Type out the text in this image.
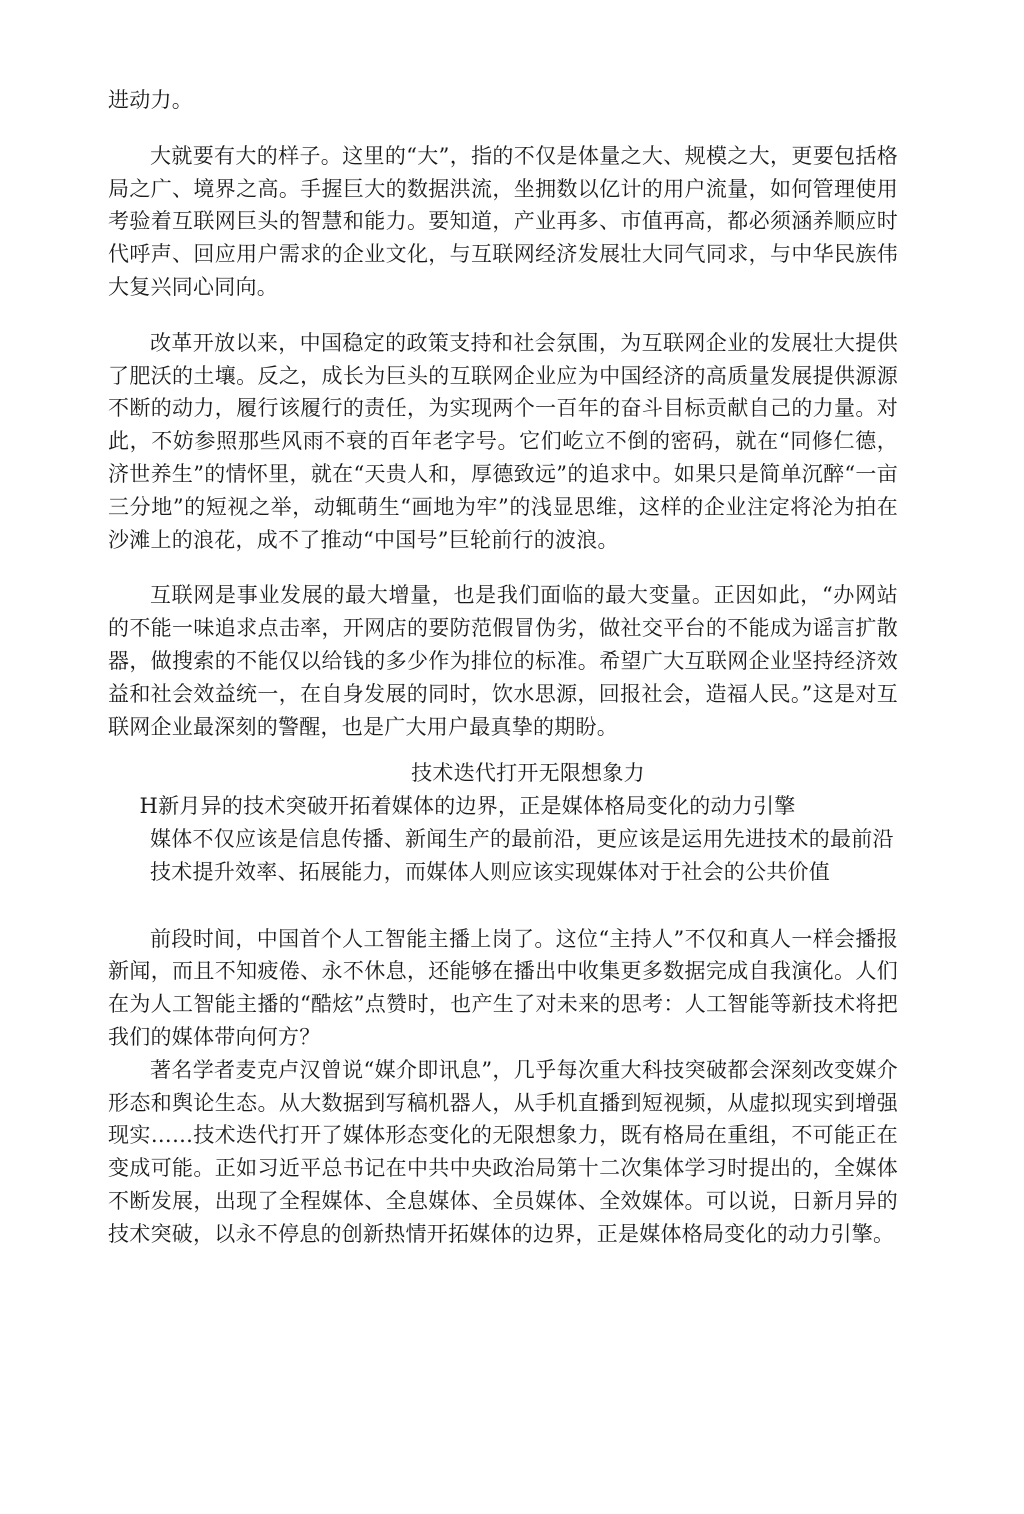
进动力。

大就要有大的样子。这里的“大”，指的不仅是体量之大、规模之大，更要包括格局之广、境界之高。手握巨大的数据洪流，坐拥数以亿计的用户流量，如何管理使用考验着互联网巨头的智慧和能力。要知道，产业再多、市值再高，都必须涵养顺应时代呼声、回应用户需求的企业文化，与互联网经济发展壮大同气同求，与中华民族伟大复兴同心同向。

改革开放以来，中国稳定的政策支持和社会氛围，为互联网企业的发展壮大提供了肥沃的土壤。反之，成长为巨头的互联网企业应为中国经济的高质量发展提供源源不断的动力，履行该履行的责任，为实现两个一百年的奋斗目标贡献自己的力量。对此，不妨参照那些风雨不衰的百年老字号。它们屹立不倒的密码，就在“同修仁德，济世养生”的情怀里，就在“天贵人和，厚德致远”的追求中。如果只是简单沉醉“一亩三分地”的短视之举，动辄萌生“画地为牢”的浅显思维，这样的企业注定将沦为拍在沙滩上的浪花，成不了推动“中国号”巨轮前行的波浪。

互联网是事业发展的最大增量，也是我们面临的最大变量。正因如此，“办网站的不能一味追求点击率，开网店的要防范假冒伪劣，做社交平台的不能成为谣言扩散器，做搜索的不能仅以给钱的多少作为排位的标准。希望广大互联网企业坚持经济效益和社会效益统一，在自身发展的同时，饮水思源，回报社会，造福人民。”这是对互联网企业最深刻的警醒，也是广大用户最真挚的期盼。

技术迭代打开无限想象力

H新月异的技术突破开拓着媒体的边界，正是媒体格局变化的动力引擎

媒体不仅应该是信息传播、新闻生产的最前沿，更应该是运用先进技术的最前沿

技术提升效率、拓展能力，而媒体人则应该实现媒体对于社会的公共价值

前段时间，中国首个人工智能主播上岗了。这位“主持人”不仅和真人一样会播报新闻，而且不知疲倦、永不休息，还能够在播出中收集更多数据完成自我演化。人们在为人工智能主播的“酷炫”点赞时，也产生了对未来的思考：人工智能等新技术将把我们的媒体带向何方？

著名学者麦克卢汉曾说“媒介即讯息”，几乎每次重大科技突破都会深刻改变媒介形态和舆论生态。从大数据到写稿机器人，从手机直播到短视频，从虚拟现实到增强现实……技术迭代打开了媒体形态变化的无限想象力，既有格局在重组，不可能正在变成可能。正如习近平总书记在中共中央政治局第十二次集体学习时提出的，全媒体不断发展，出现了全程媒体、全息媒体、全员媒体、全效媒体。可以说，日新月异的技术突破，以永不停息的创新热情开拓媒体的边界，正是媒体格局变化的动力引擎。
